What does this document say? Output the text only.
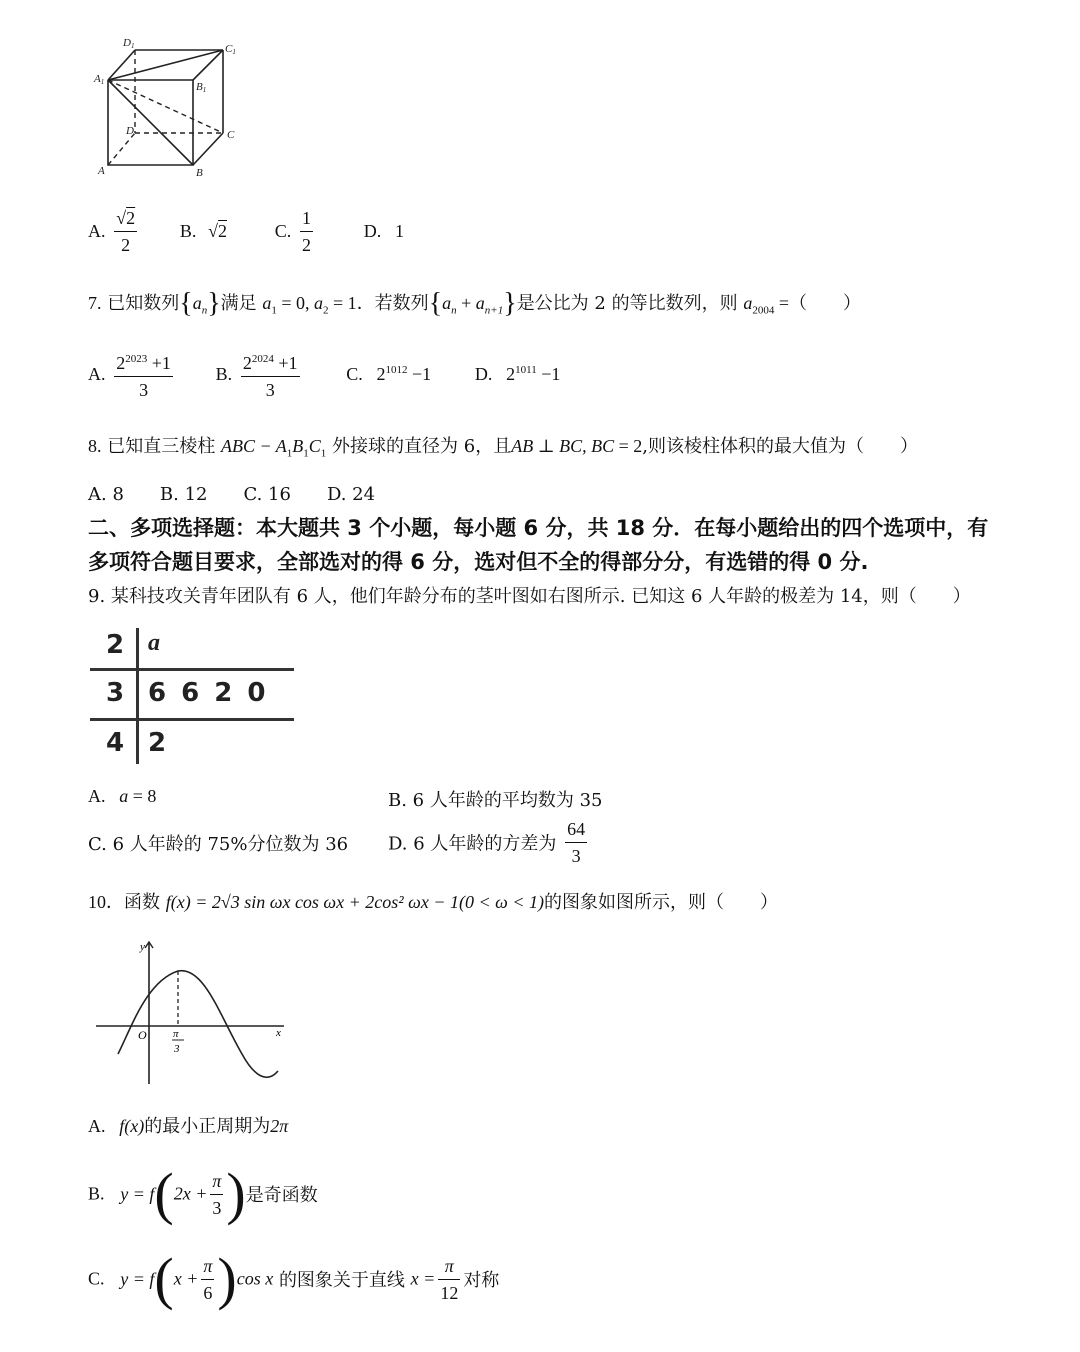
D1	C1
A1	B1
D	C
A	B
A. $\frac{√2}{2} B$. √2	C. $\frac{1}{2}$	D. 1
7. 已知数列$\{a_n\}$满足 $a_1 = 0$, $a_2 = 1$．若数列$\{a_n + a_{n+1}\}$是公比为 2 的等比数列，则 $a_{2004}$ =（　　）
A. $\frac{2^{2023} +1}{3} B$. $\frac{2^{2024} +1}{3}$	C. $2^{1012} -1$ D. $2^{1011} -1$
8. 已知直三棱柱 ABC − $A_1B_1C_1$ 外接球的直径为 6，且AB ⊥ BC, BC = 2,则该棱柱体积的最大值为（　　）
A. 8　　B. 12　　C. 16　　D. 24
二、多项选择题：本大题共 3 个小题，每小题 6 分，共 18 分．在每小题给出的四个选项中，有
多项符合题目要求，全部选对的得 6 分，选对但不全的得部分分，有选错的得 0 分.
9. 某科技攻关青年团队有 6 人，他们年龄分布的茎叶图如右图所示. 已知这 6 人年龄的极差为 14，则（　　）
2 a
3 6 6 2 0
4 2
A. a = 8	B. 6 人年龄的平均数为 35
C. 6 人年龄的 75%分位数为 36 D. 6 人年龄的方差为 $\frac{64}{3}$
10．函数 f(x) = 2√3 sin ωx cos ωx + 2cos² ωx − 1(0 < ω < 1)的图象如图所示，则（　　）
y
x
O π
3
A. f(x)的最小正周期为2π
B. $y = f(2x + \frac{\pi}{3}$ )是奇函数
C. $y = f(x + \frac{\pi}{6} )\cos$ x 的图象关于直线 $x = \frac{\pi}{12}$ 对称
